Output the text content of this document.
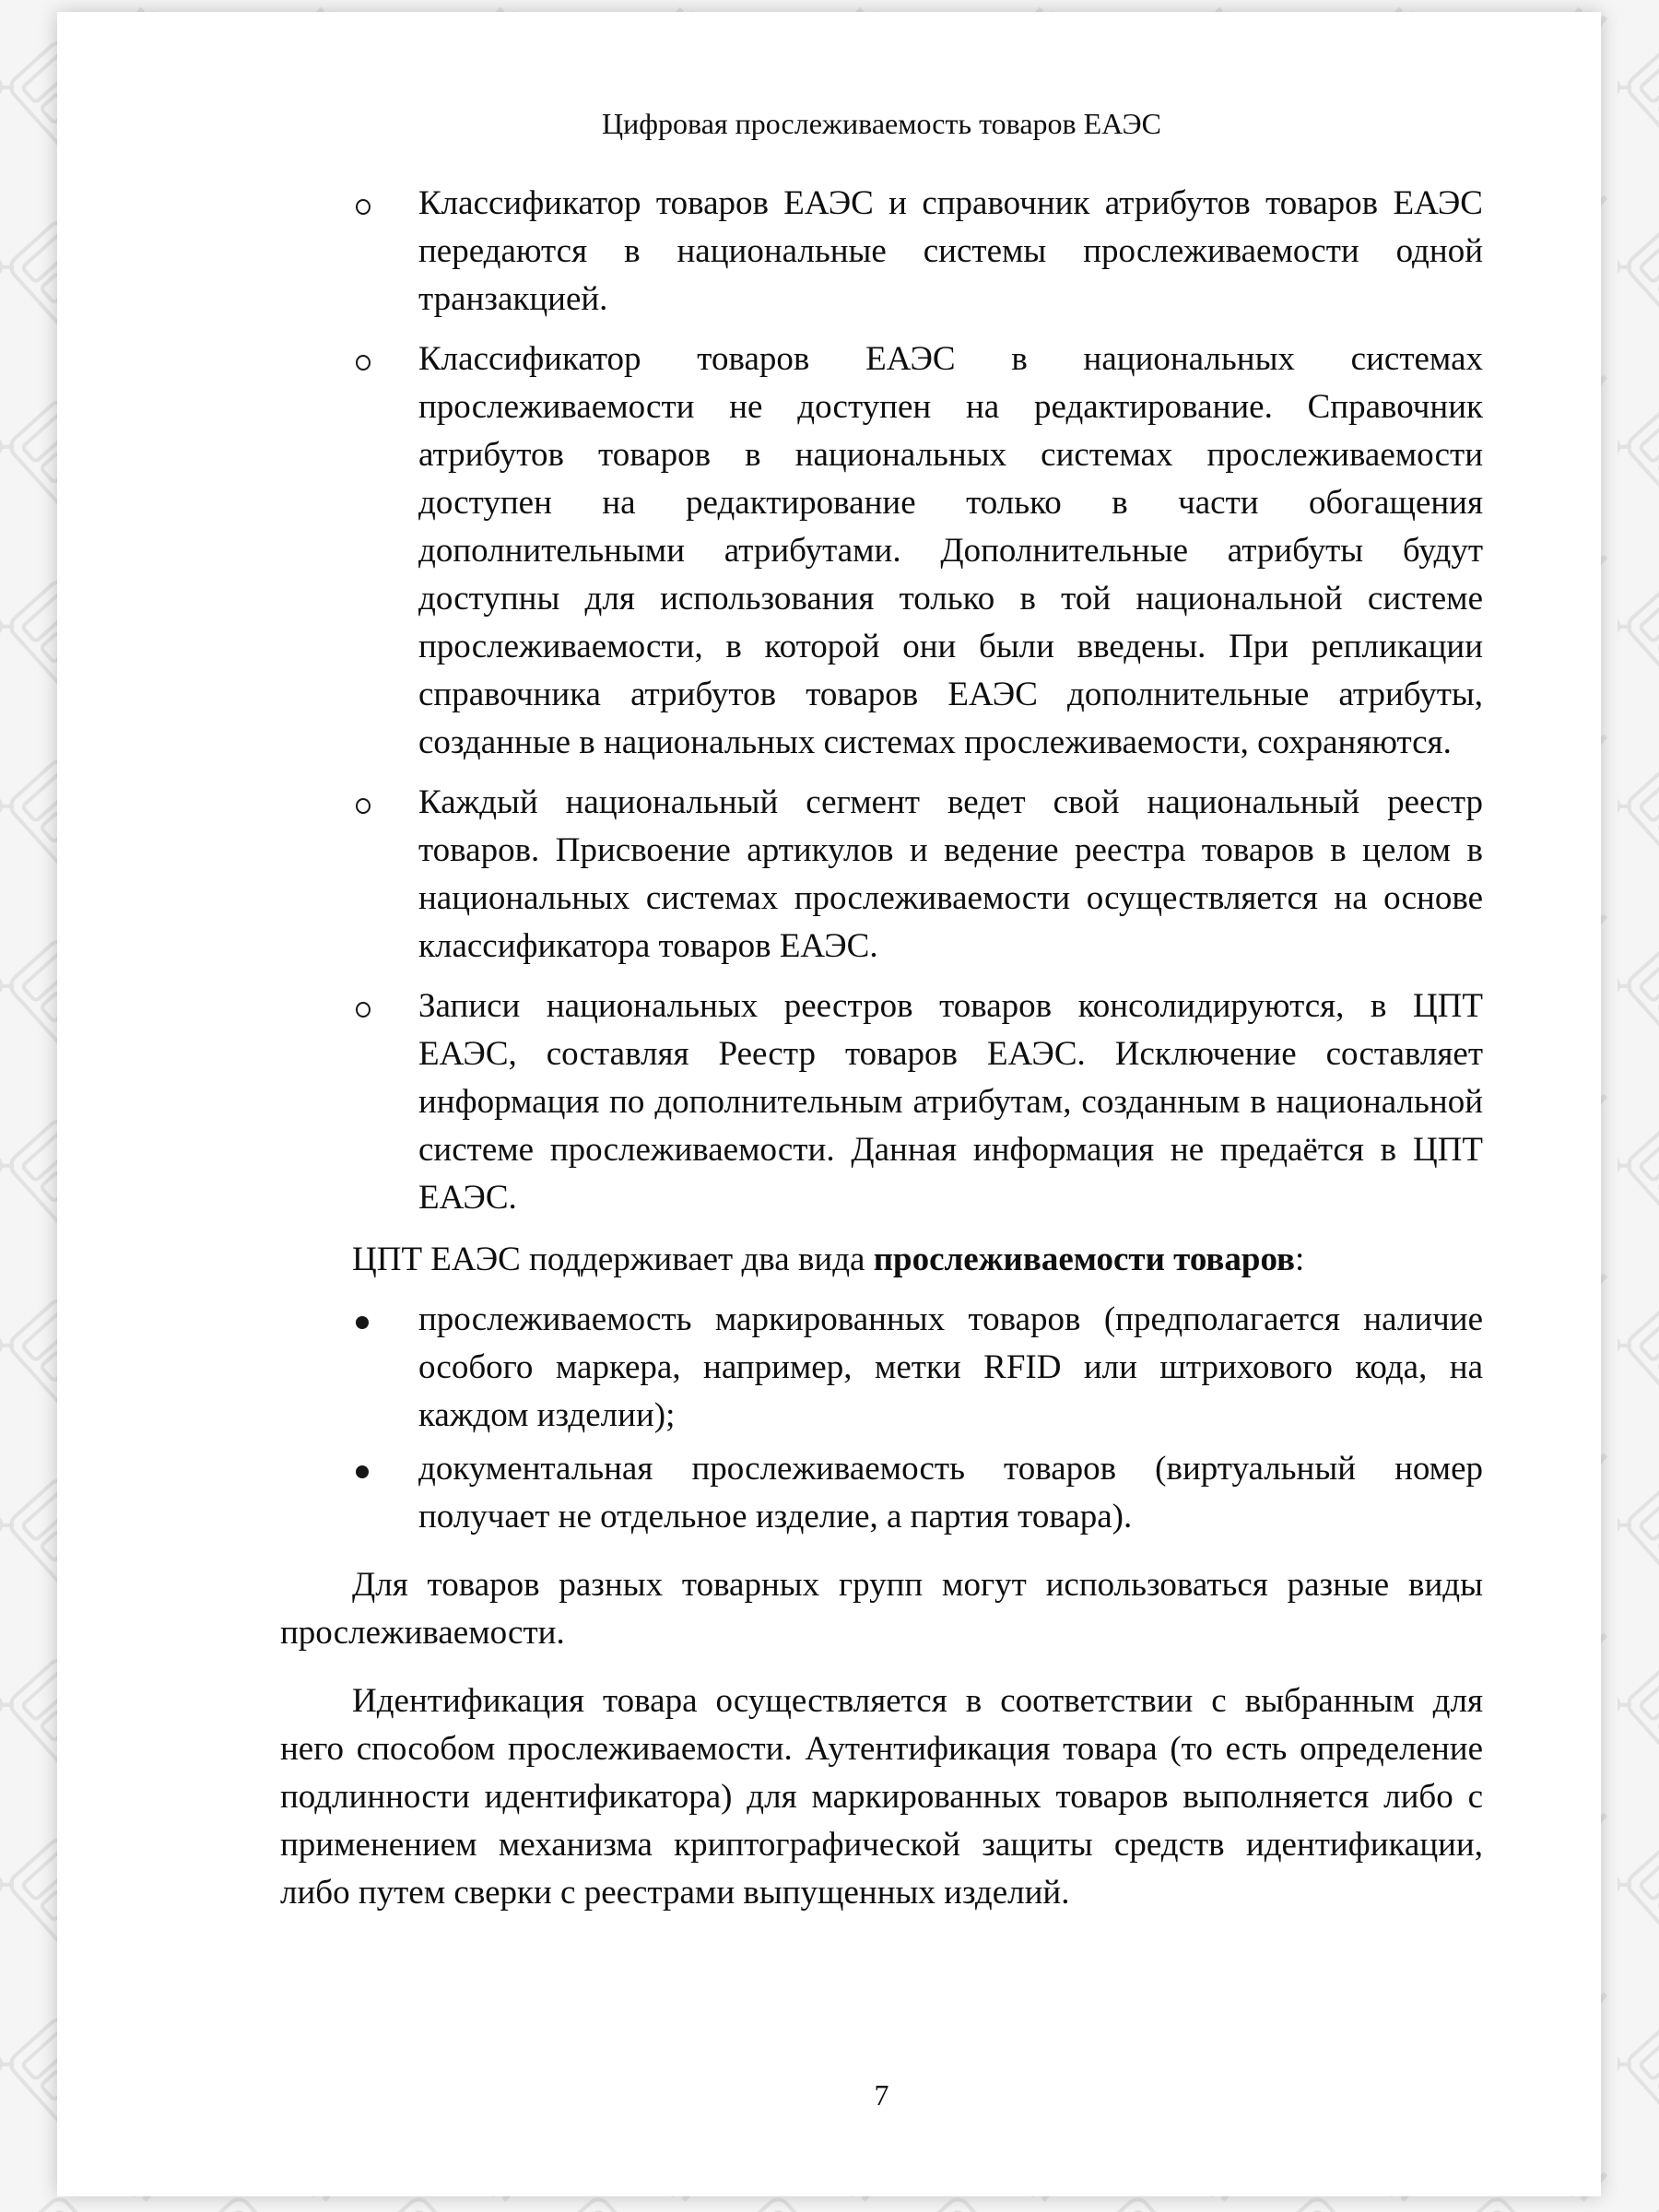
Цифровая прослеживаемость товаров ЕАЭС
Классификатор товаров ЕАЭС и справочник атрибутов товаров ЕАЭС передаются в национальные системы прослеживаемости одной транзакцией.
Классификатор товаров ЕАЭС в национальных системах прослеживаемости не доступен на редактирование. Справочник атрибутов товаров в национальных системах прослеживаемости доступен на редактирование только в части обогащения дополнительными атрибутами. Дополнительные атрибуты будут доступны для использования только в той национальной системе прослеживаемости, в которой они были введены. При репликации справочника атрибутов товаров ЕАЭС дополнительные атрибуты, созданные в национальных системах прослеживаемости, сохраняются.
Каждый национальный сегмент ведет свой национальный реестр товаров. Присвоение артикулов и ведение реестра товаров в целом в национальных системах прослеживаемости осуществляется на основе классификатора товаров ЕАЭС.
Записи национальных реестров товаров консолидируются, в ЦПТ ЕАЭС, составляя Реестр товаров ЕАЭС. Исключение составляет информация по дополнительным атрибутам, созданным в национальной системе прослеживаемости. Данная информация не предаётся в ЦПТ ЕАЭС.

ЦПТ ЕАЭС поддерживает два вида прослеживаемости товаров:

прослеживаемость маркированных товаров (предполагается наличие особого маркера, например, метки RFID или штрихового кода, на каждом изделии);
документальная прослеживаемость товаров (виртуальный номер получает не отдельное изделие, а партия товара).

Для товаров разных товарных групп могут использоваться разные виды прослеживаемости.

Идентификация товара осуществляется в соответствии с выбранным для него способом прослеживаемости. Аутентификация товара (то есть определение подлинности идентификатора) для маркированных товаров выполняется либо с применением механизма криптографической защиты средств идентификации, либо путем сверки с реестрами выпущенных изделий.

7
